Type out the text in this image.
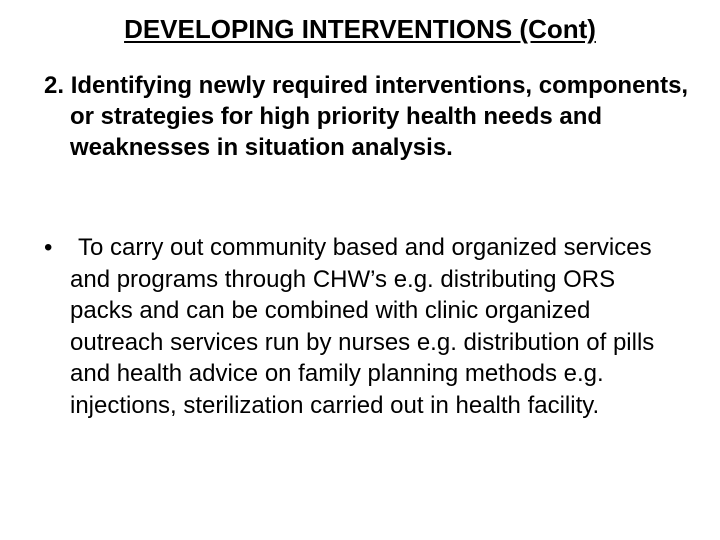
DEVELOPING INTERVENTIONS (Cont)
2. Identifying newly required interventions, components, or strategies for high priority health needs and weaknesses in situation analysis.
•	To carry out community based and organized services and programs through CHW’s e.g. distributing ORS packs and can be combined with clinic organized outreach services run by nurses e.g. distribution of pills and health advice on family planning methods e.g. injections, sterilization carried out in health facility.
